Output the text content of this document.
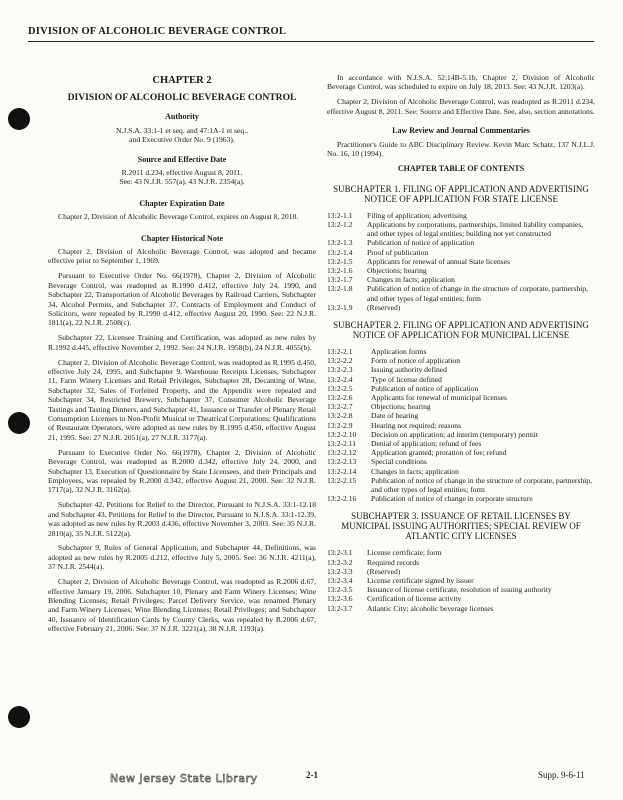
DIVISION OF ALCOHOLIC BEVERAGE CONTROL
CHAPTER 2
DIVISION OF ALCOHOLIC BEVERAGE CONTROL
Authority
N.J.S.A. 33:1-1 et seq. and 47:1A-1 et seq.,
and Executive Order No. 9 (1963).
Source and Effective Date
R.2011 d.234, effective August 8, 2011.
See: 43 N.J.R. 557(a), 43 N.J.R. 2354(a).
Chapter Expiration Date

Chapter 2, Division of Alcoholic Beverage Control, expires on August 8, 2018.

Chapter Historical Note

Chapter 2, Division of Alcoholic Beverage Control, was adopted and became effective prior to September 1, 1969.

Pursuant to Executive Order No. 66(1978), Chapter 2, Division of Alcoholic Beverage Control, was readopted as R.1990 d.412, effective July 24, 1990, and Subchapter 22, Transportation of Alcoholic Beverages by Railroad Carriers, Subchapter 34, Alcohol Permits, and Subchapter 37, Contracts of Employment and Conduct of Solicitors, were repealed by R.1990 d.412, effective August 20, 1990. See: 22 N.J.R. 1811(a), 22 N.J.R. 2508(c).

Subchapter 22, Licensee Training and Certification, was adopted as new rules by R.1992 d.445, effective November 2, 1992. See: 24 N.J.R. 1958(b), 24 N.J.R. 4055(b).

Chapter 2, Division of Alcoholic Beverage Control, was readopted as R.1995 d.450, effective July 24, 1995, and Subchapter 9, Warehouse Receipts Licenses, Subchapter 11, Farm Winery Licenses and Retail Privileges, Subchapter 28, Decanting of Wine, Subchapter 32, Sales of Forfeited Property, and the Appendix were repealed and Subchapter 34, Restricted Brewery, Subchapter 37, Consumer Alcoholic Beverage Tastings and Tasting Dinners, and Subchapter 41, Issuance or Transfer of Plenary Retail Consumption Licenses to Non-Profit Musical or Theatrical Corporations; Qualifications of Restaurant Operators, were adopted as new rules by R.1995 d.450, effective August 21, 1995. See: 27 N.J.R. 2051(a), 27 N.J.R. 3177(a).

Pursuant to Executive Order No. 66(1978), Chapter 2, Division of Alcoholic Beverage Control, was readopted as R.2000 d.342, effective July 24, 2000, and Subchapter 13, Execution of Questionnaire by State Licensees, and their Principals and Employees, was repealed by R.2000 d.342, effective August 21, 2000. See: 32 N.J.R. 1717(a), 32 N.J.R. 3162(a).

Subchapter 42, Petitions for Relief to the Director, Pursuant to N.J.S.A. 33:1-12.18 and Subchapter 43, Petitions for Relief to the Director, Pursuant to N.J.S.A. 33:1-12.39, was adopted as new rules by R.2003 d.436, effective November 3, 2003. See: 35 N.J.R. 2810(a), 35 N.J.R. 5122(a).

Subchapter 9, Rules of General Application, and Subchapter 44, Definitions, was adopted as new rules by R.2005 d.212, effective July 5, 2005. See: 36 N.J.R. 4211(a), 37 N.J.R. 2544(a).

Chapter 2, Division of Alcoholic Beverage Control, was readopted as R.2006 d.67, effective January 19, 2006. Subchapter 10, Plenary and Farm Winery Licenses; Wine Blending Licenses; Retail Privileges; Parcel Delivery Service, was renamed Plenary and Farm Winery Licenses; Wine Blending Licenses; Retail Privileges; and Subchapter 40, Issuance of Identification Cards by County Clerks, was repealed by R.2006 d.67, effective February 21, 2006. See: 37 N.J.R. 3221(a), 38 N.J.R. 1193(a).

In accordance with N.J.S.A. 52:14B-5.1b, Chapter 2, Division of Alcoholic Beverage Control, was scheduled to expire on July 18, 2013. See: 43 N.J.R. 1203(a).

Chapter 2, Division of Alcoholic Beverage Control, was readopted as R.2011 d.234, effective August 8, 2011. See: Source and Effective Date. See, also, section annotations.

Law Review and Journal Commentaries

Practitioner's Guide to ABC Disciplinary Review. Kevin Marc Schatz, 137 N.J.L.J. No. 16, 10 (1994).

CHAPTER TABLE OF CONTENTS
SUBCHAPTER 1. FILING OF APPLICATION AND ADVERTISING NOTICE OF APPLICATION FOR STATE LICENSE
13:2-1.1	Filing of application; advertising
13:2-1.2	Applications by corporations, partnerships, limited liability companies, and other types of legal entities; building not yet constructed
13:2-1.3	Publication of notice of application
13:2-1.4	Proof of publication
13:2-1.5	Applicants for renewal of annual State licenses
13:2-1.6	Objections; hearing
13:2-1.7	Changes in facts; application
13:2-1.8	Publication of notice of change in the structure of corporate, partnership, and other types of legal entities; form
13:2-1.9	(Reserved)
SUBCHAPTER 2. FILING OF APPLICATION AND ADVERTISING NOTICE OF APPLICATION FOR MUNICIPAL LICENSE
13:2-2.1	Application forms
13:2-2.2	Form of notice of application
13:2-2.3	Issuing authority defined
13:2-2.4	Type of license defined
13:2-2.5	Publication of notice of application
13:2-2.6	Applicants for renewal of municipal licenses
13:2-2.7	Objections; hearing
13:2-2.8	Date of hearing
13:2-2.9	Hearing not required; reasons
13:2-2.10	Decision on application; ad interim (temporary) permit
13:2-2.11	Denial of application; refund of fees
13:2-2.12	Application granted; proration of fee; refund
13:2-2.13	Special conditions
13:2-2.14	Changes in facts; application
13:2-2.15	Publication of notice of change in the structure of corporate, partnership, and other types of legal entities; form
13:2-2.16	Publication of notice of change in corporate structure
SUBCHAPTER 3. ISSUANCE OF RETAIL LICENSES BY MUNICIPAL ISSUING AUTHORITIES; SPECIAL REVIEW OF ATLANTIC CITY LICENSES
13:2-3.1	License certificate; form
13:2-3.2	Required records
13:2-3.3	(Reserved)
13:2-3.4	License certificate signed by issuer
13:2-3.5	Issuance of license certificate, resolution of issuing authority
13:2-3.6	Certification of license activity
13:2-3.7	Atlantic City; alcoholic beverage licenses
New Jersey State Library	2-1	Supp. 9-6-11
